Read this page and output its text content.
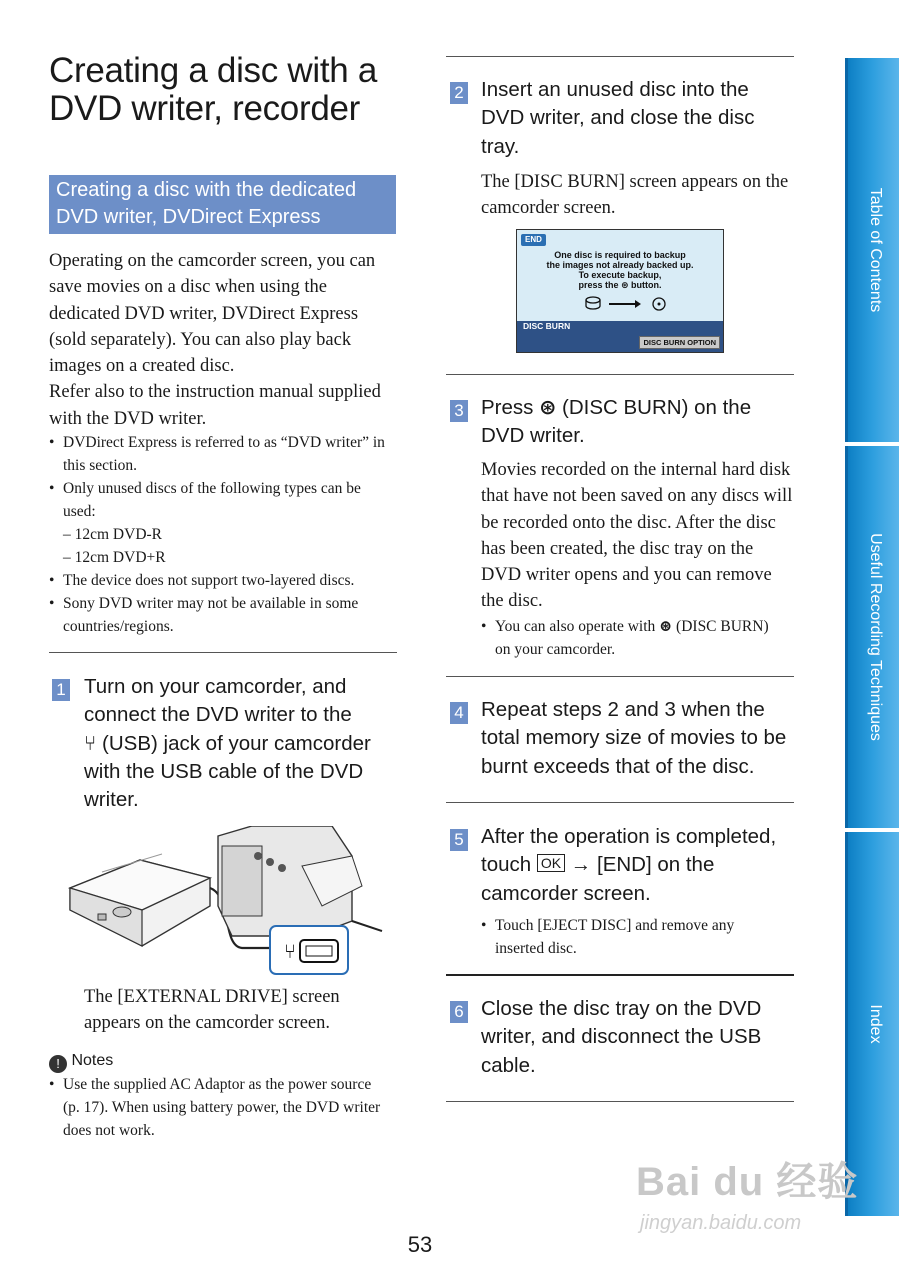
Creating a disc with a
DVD writer, recorder
Creating a disc with the dedicated DVD writer, DVDirect Express
Operating on the camcorder screen, you can save movies on a disc when using the dedicated DVD writer, DVDirect Express (sold separately). You can also play back images on a created disc.
Refer also to the instruction manual supplied with the DVD writer.
• DVDirect Express is referred to as “DVD writer” in this section.
• Only unused discs of the following types can be used:
– 12cm DVD-R
– 12cm DVD+R
• The device does not support two-layered discs.
• Sony DVD writer may not be available in some countries/regions.
1 Turn on your camcorder, and
connect the DVD writer to the
⑂ (USB) jack of your camcorder
with the USB cable of the DVD
writer.
⑂
The [EXTERNAL DRIVE] screen appears on the camcorder screen.
! Notes
• Use the supplied AC Adaptor as the power source (p. 17). When using battery power, the DVD writer does not work.
2 Insert an unused disc into the DVD writer, and close the disc tray.
The [DISC BURN] screen appears on the camcorder screen.
END
One disc is required to backup
the images not already backed up.
To execute backup,
press the ⊛ button.
DISC BURN
DISC BURN OPTION
3 Press ⊛ (DISC BURN) on the DVD writer.
Movies recorded on the internal hard disk that have not been saved on any discs will be recorded onto the disc. After the disc has been created, the disc tray on the DVD writer opens and you can remove the disc.
• You can also operate with ⊛ (DISC BURN) on your camcorder.
4 Repeat steps 2 and 3 when the total memory size of movies to be burnt exceeds that of the disc.
5 After the operation is completed, touch OK → [END] on the camcorder screen.
• Touch [EJECT DISC] and remove any inserted disc.
6 Close the disc tray on the DVD writer, and disconnect the USB cable.
53
Table of Contents
Useful Recording Techniques
Index
Bai du 经验
jingyan.baidu.com
